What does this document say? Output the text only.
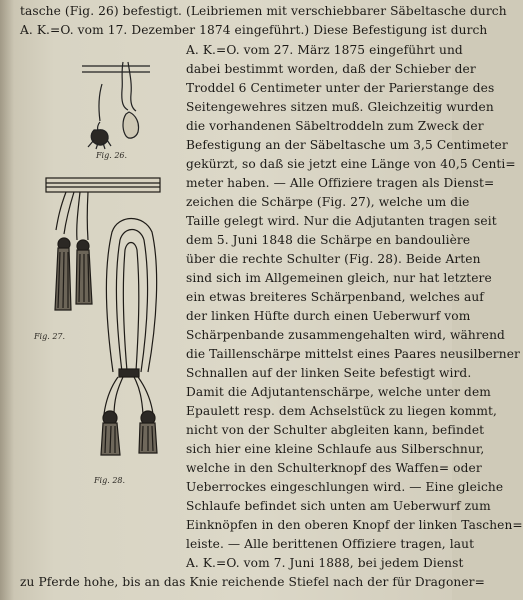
tasche (Fig. 26) befestigt. (Leibriemen mit verschiebbarer Säbeltasche durch
A. K.=O. vom 17. Dezember 1874 eingeführt.) Diese Befestigung ist durch
A. K.=O. vom 27. März 1875 eingeführt und
dabei bestimmt worden, daß der Schieber der
Troddel 6 Centimeter unter der Parierstange des
Seitengewehres sitzen muß. Gleichzeitig wurden
die vorhandenen Säbeltroddeln zum Zweck der
Befestigung an der Säbeltasche um 3,5 Centimeter
gekürzt, so daß sie jetzt eine Länge von 40,5 Centi=
meter haben. — Alle Offiziere tragen als Dienst=
zeichen die Schärpe (Fig. 27), welche um die
Taille gelegt wird. Nur die Adjutanten tragen seit
dem 5. Juni 1848 die Schärpe en bandoulière
über die rechte Schulter (Fig. 28). Beide Arten
sind sich im Allgemeinen gleich, nur hat letztere
ein etwas breiteres Schärpenband, welches auf
der linken Hüfte durch einen Ueberwurf vom
Schärpenbande zusammengehalten wird, während
die Taillenschärpe mittelst eines Paares neusilberner
Schnallen auf der linken Seite befestigt wird.
Damit die Adjutantenschärpe, welche unter dem
Epaulett resp. dem Achselstück zu liegen kommt,
nicht von der Schulter abgleiten kann, befindet
sich hier eine kleine Schlaufe aus Silberschnur,
welche in den Schulterknopf des Waffen= oder
Ueberrockes eingeschlungen wird. — Eine gleiche
Schlaufe befindet sich unten am Ueberwurf zum
Einknöpfen in den oberen Knopf der linken Taschen=
leiste. — Alle berittenen Offiziere tragen, laut
Fig. 26.
Fig. 27.
Fig. 28.
A. K.=O. vom 7. Juni 1888, bei jedem Dienst
zu Pferde hohe, bis an das Knie reichende Stiefel nach der für Dragoner=
